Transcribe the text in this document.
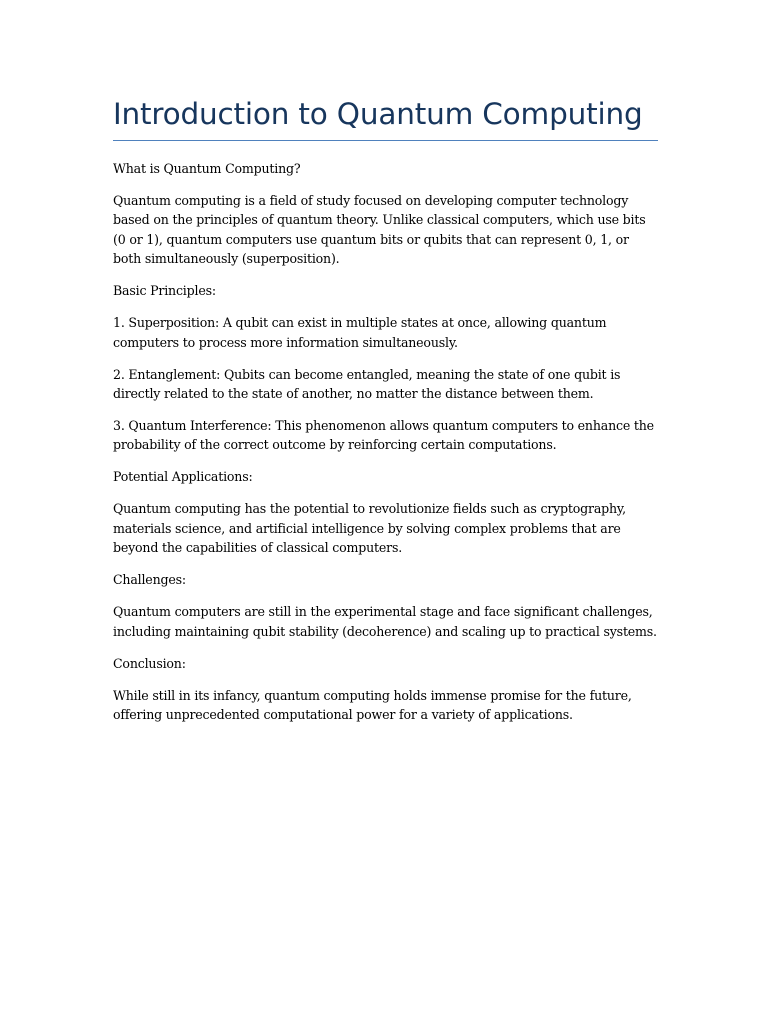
Introduction to Quantum Computing

What is Quantum Computing?

Quantum computing is a field of study focused on developing computer technology based on the principles of quantum theory. Unlike classical computers, which use bits (0 or 1), quantum computers use quantum bits or qubits that can represent 0, 1, or both simultaneously (superposition).

Basic Principles:

1. Superposition: A qubit can exist in multiple states at once, allowing quantum computers to process more information simultaneously.

2. Entanglement: Qubits can become entangled, meaning the state of one qubit is directly related to the state of another, no matter the distance between them.

3. Quantum Interference: This phenomenon allows quantum computers to enhance the probability of the correct outcome by reinforcing certain computations.

Potential Applications:

Quantum computing has the potential to revolutionize fields such as cryptography, materials science, and artificial intelligence by solving complex problems that are beyond the capabilities of classical computers.

Challenges:

Quantum computers are still in the experimental stage and face significant challenges, including maintaining qubit stability (decoherence) and scaling up to practical systems.

Conclusion:

While still in its infancy, quantum computing holds immense promise for the future, offering unprecedented computational power for a variety of applications.
